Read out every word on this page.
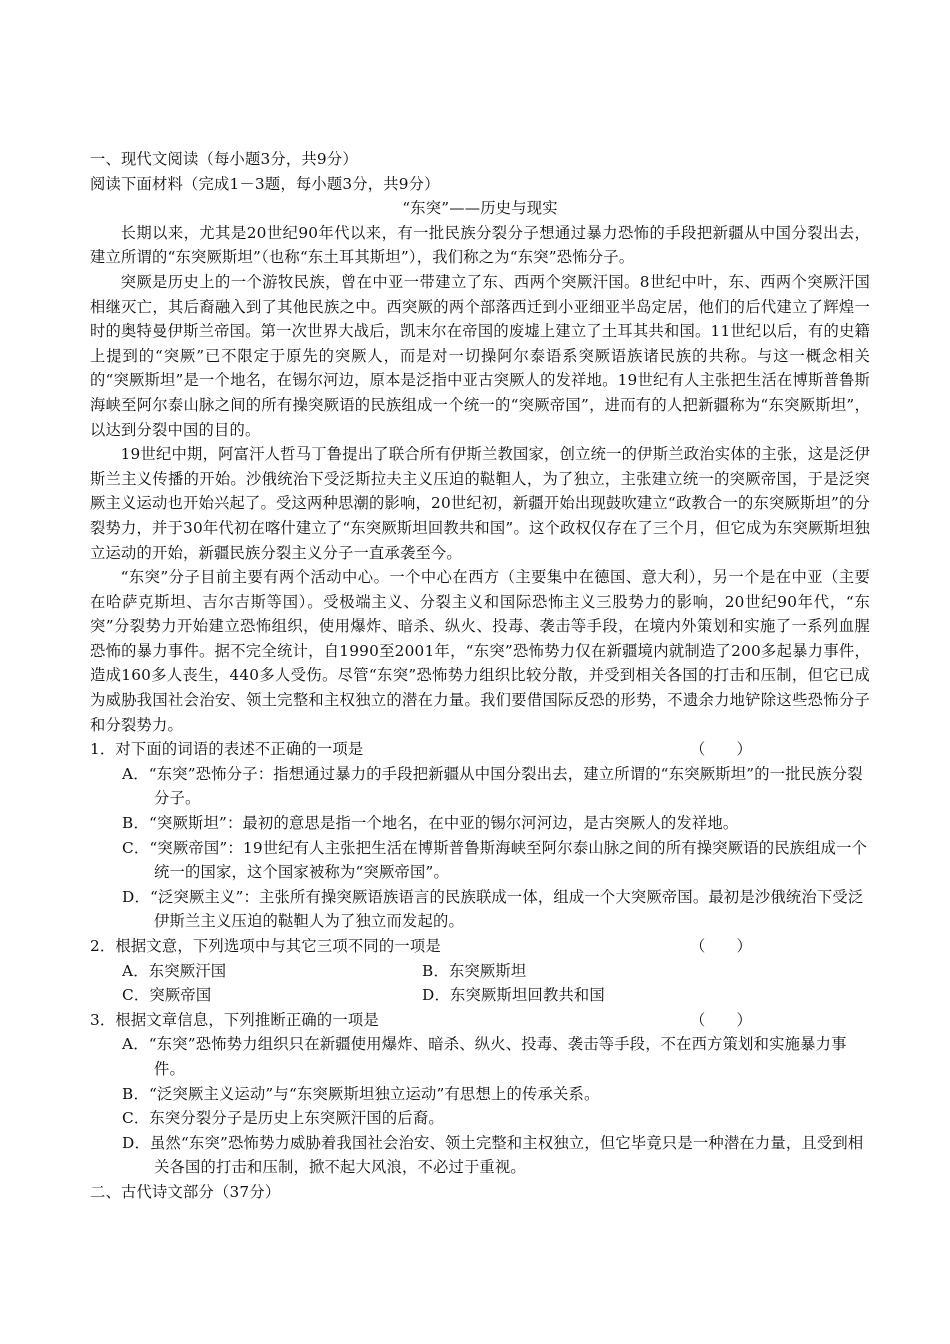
一、现代文阅读（每小题3分，共9分）
阅读下面材料（完成1－3题，每小题3分，共9分）
“东突”——历史与现实
长期以来，尤其是20世纪90年代以来，有一批民族分裂分子想通过暴力恐怖的手段把新疆从中国分裂出去，建立所谓的“东突厥斯坦”（也称“东土耳其斯坦”），我们称之为“东突”恐怖分子。
突厥是历史上的一个游牧民族，曾在中亚一带建立了东、西两个突厥汗国。8世纪中叶，东、西两个突厥汗国相继灭亡，其后裔融入到了其他民族之中。西突厥的两个部落西迁到小亚细亚半岛定居，他们的后代建立了辉煌一时的奥特曼伊斯兰帝国。第一次世界大战后，凯末尔在帝国的废墟上建立了土耳其共和国。11世纪以后，有的史籍上提到的“突厥”已不限定于原先的突厥人，而是对一切操阿尔泰语系突厥语族诸民族的共称。与这一概念相关的“突厥斯坦”是一个地名，在锡尔河边，原本是泛指中亚古突厥人的发祥地。19世纪有人主张把生活在博斯普鲁斯海峡至阿尔泰山脉之间的所有操突厥语的民族组成一个统一的“突厥帝国”，进而有的人把新疆称为“东突厥斯坦”，以达到分裂中国的目的。
19世纪中期，阿富汗人哲马丁鲁提出了联合所有伊斯兰教国家，创立统一的伊斯兰政治实体的主张，这是泛伊斯兰主义传播的开始。沙俄统治下受泛斯拉夫主义压迫的鞑靼人，为了独立，主张建立统一的突厥帝国，于是泛突厥主义运动也开始兴起了。受这两种思潮的影响，20世纪初，新疆开始出现鼓吹建立“政教合一的东突厥斯坦”的分裂势力，并于30年代初在喀什建立了“东突厥斯坦回教共和国”。这个政权仅存在了三个月，但它成为东突厥斯坦独立运动的开始，新疆民族分裂主义分子一直承袭至今。
“东突”分子目前主要有两个活动中心。一个中心在西方（主要集中在德国、意大利），另一个是在中亚（主要在哈萨克斯坦、吉尔吉斯等国）。受极端主义、分裂主义和国际恐怖主义三股势力的影响，20世纪90年代，“东突”分裂势力开始建立恐怖组织，使用爆炸、暗杀、纵火、投毒、袭击等手段，在境内外策划和实施了一系列血腥恐怖的暴力事件。据不完全统计，自1990至2001年，“东突”恐怖势力仅在新疆境内就制造了200多起暴力事件，造成160多人丧生，440多人受伤。尽管“东突”恐怖势力组织比较分散，并受到相关各国的打击和压制，但它已成为威胁我国社会治安、领土完整和主权独立的潜在力量。我们要借国际反恐的形势，不遗余力地铲除这些恐怖分子和分裂势力。
1．对下面的词语的表述不正确的一项是	（　　）
A．“东突”恐怖分子：指想通过暴力的手段把新疆从中国分裂出去，建立所谓的“东突厥斯坦”的一批民族分裂分子。
B．“突厥斯坦”：最初的意思是指一个地名，在中亚的锡尔河河边，是古突厥人的发祥地。
C．“突厥帝国”：19世纪有人主张把生活在博斯普鲁斯海峡至阿尔泰山脉之间的所有操突厥语的民族组成一个统一的国家，这个国家被称为“突厥帝国”。
D．“泛突厥主义”：主张所有操突厥语族语言的民族联成一体，组成一个大突厥帝国。最初是沙俄统治下受泛伊斯兰主义压迫的鞑靼人为了独立而发起的。
2．根据文意，下列选项中与其它三项不同的一项是	（　　）
A．东突厥汗国	B．东突厥斯坦
C．突厥帝国	D．东突厥斯坦回教共和国
3．根据文章信息，下列推断正确的一项是	（　　）
A．“东突”恐怖势力组织只在新疆使用爆炸、暗杀、纵火、投毒、袭击等手段，不在西方策划和实施暴力事件。
B．“泛突厥主义运动”与“东突厥斯坦独立运动”有思想上的传承关系。
C．东突分裂分子是历史上东突厥汗国的后裔。
D．虽然“东突”恐怖势力威胁着我国社会治安、领土完整和主权独立，但它毕竟只是一种潜在力量，且受到相关各国的打击和压制，掀不起大风浪，不必过于重视。
二、古代诗文部分（37分）
